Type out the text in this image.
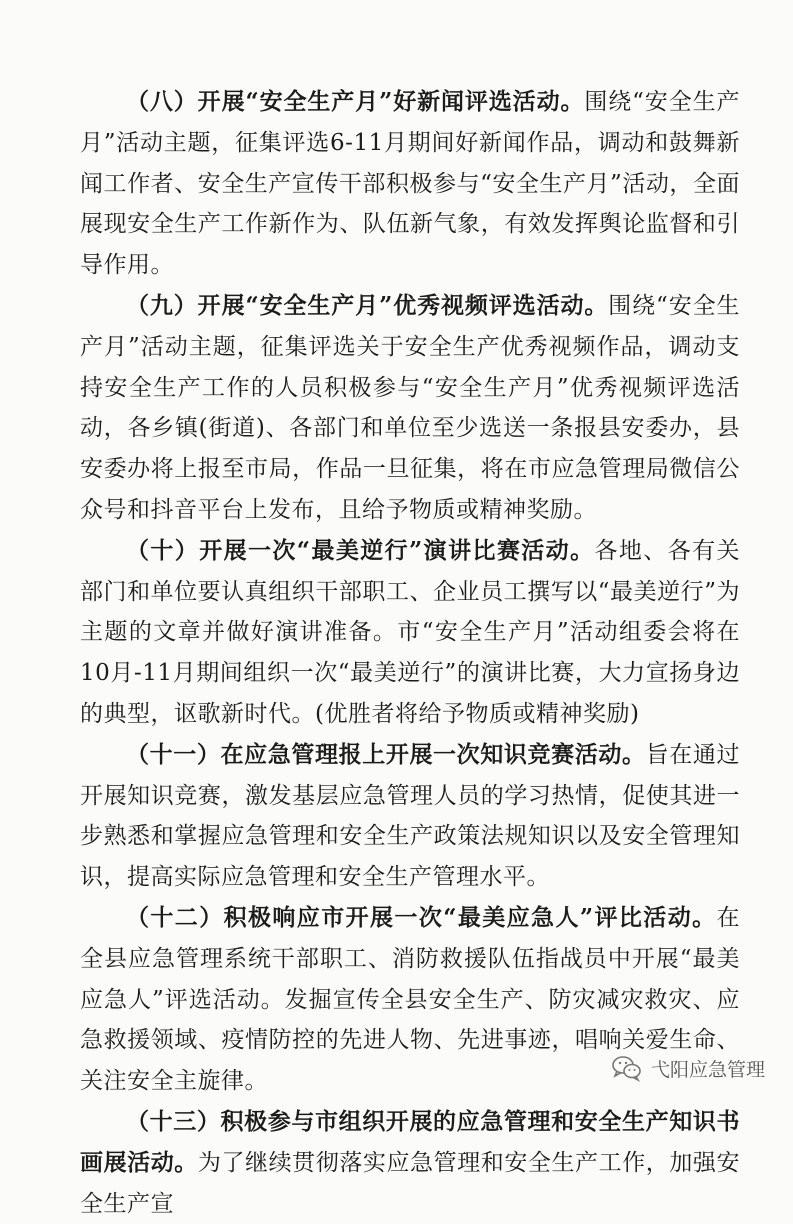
（八）开展“安全生产月”好新闻评选活动。围绕“安全生产月”活动主题，征集评选6-11月期间好新闻作品，调动和鼓舞新闻工作者、安全生产宣传干部积极参与“安全生产月”活动，全面展现安全生产工作新作为、队伍新气象，有效发挥舆论监督和引导作用。

（九）开展“安全生产月”优秀视频评选活动。围绕“安全生产月”活动主题，征集评选关于安全生产优秀视频作品，调动支持安全生产工作的人员积极参与“安全生产月”优秀视频评选活动，各乡镇(街道)、各部门和单位至少选送一条报县安委办，县安委办将上报至市局，作品一旦征集，将在市应急管理局微信公众号和抖音平台上发布，且给予物质或精神奖励。

（十）开展一次“最美逆行”演讲比赛活动。各地、各有关部门和单位要认真组织干部职工、企业员工撰写以“最美逆行”为主题的文章并做好演讲准备。市“安全生产月”活动组委会将在10月-11月期间组织一次“最美逆行”的演讲比赛，大力宣扬身边的典型，讴歌新时代。(优胜者将给予物质或精神奖励)

（十一）在应急管理报上开展一次知识竞赛活动。旨在通过开展知识竞赛，激发基层应急管理人员的学习热情，促使其进一步熟悉和掌握应急管理和安全生产政策法规知识以及安全管理知识，提高实际应急管理和安全生产管理水平。

（十二）积极响应市开展一次“最美应急人”评比活动。在全县应急管理系统干部职工、消防救援队伍指战员中开展“最美应急人”评选活动。发掘宣传全县安全生产、防灾减灾救灾、应急救援领域、疫情防控的先进人物、先进事迹，唱响关爱生命、关注安全主旋律。

（十三）积极参与市组织开展的应急管理和安全生产知识书画展活动。为了继续贯彻落实应急管理和安全生产工作，加强安全生产宣

弋阳应急管理
